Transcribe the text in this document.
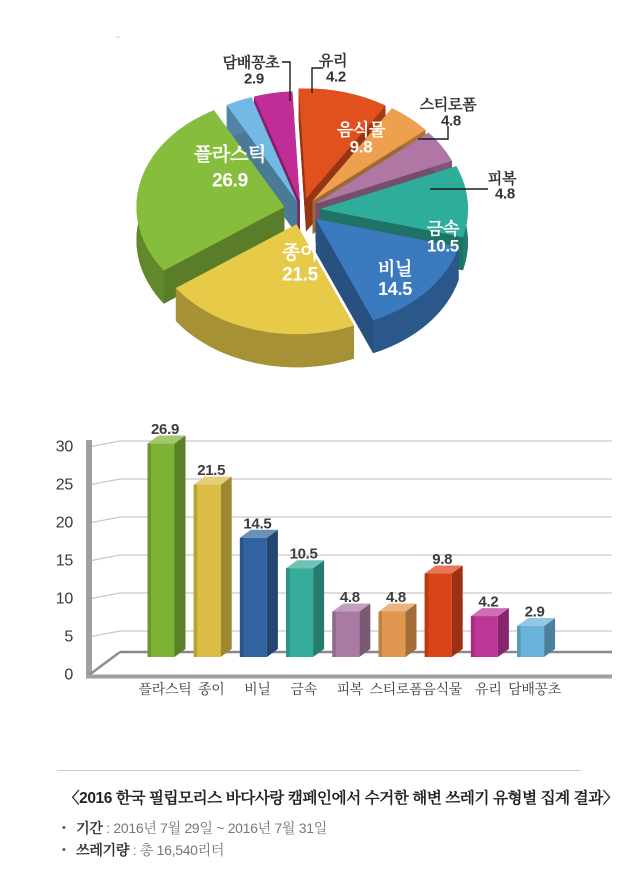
유리
4.2
음식물
9.8
스티로폼
4.8
피복
4.8
금속
10.5
비닐
14.5
종이
21.5
플라스틱
26.9
담배꽁초
2.9
0
5
10
15
20
25
30
26.9
플라스틱
21.5
종이
14.5
비닐
10.5
금속
4.8
피복
4.8
스티로폼
9.8
음식물
4.2
유리
2.9
담배꽁초
〈2016 한국 필립모리스 바다사랑 캠페인에서 수거한 해변 쓰레기 유형별 집계 결과〉
• 기간 : 2016년 7월 29일 ~ 2016년 7월 31일
• 쓰레기량 : 총 16,540리터
